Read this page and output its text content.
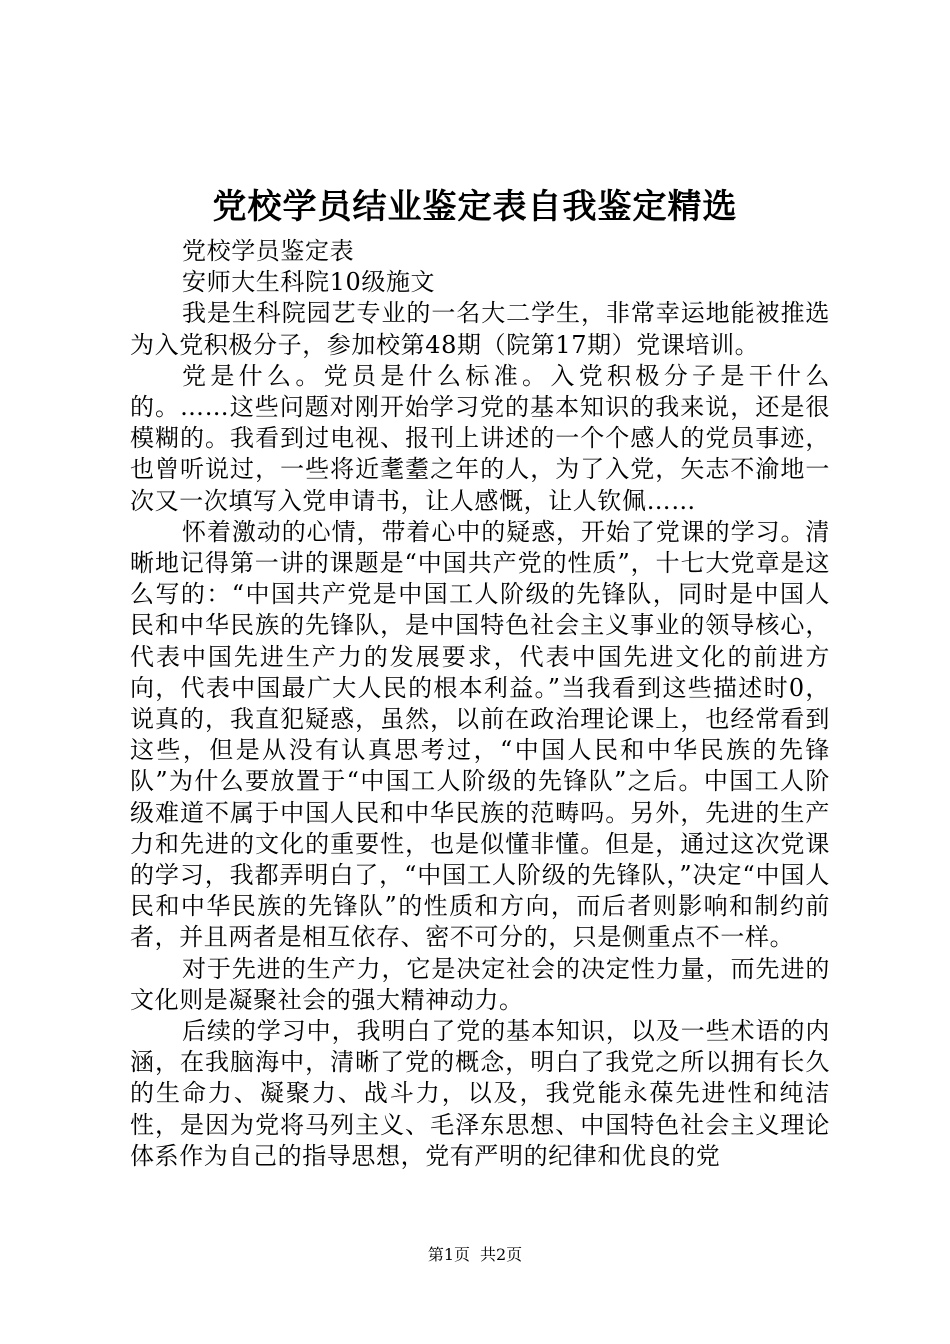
党校学员结业鉴定表自我鉴定精选

党校学员鉴定表

安师大生科院10级施文

我是生科院园艺专业的一名大二学生，非常幸运地能被推选为入党积极分子，参加校第48期（院第17期）党课培训。

党是什么。党员是什么标准。入党积极分子是干什么的。……这些问题对刚开始学习党的基本知识的我来说，还是很模糊的。我看到过电视、报刊上讲述的一个个感人的党员事迹，也曾听说过，一些将近耄耋之年的人，为了入党，矢志不渝地一次又一次填写入党申请书，让人感慨，让人钦佩……

怀着激动的心情，带着心中的疑惑，开始了党课的学习。清晰地记得第一讲的课题是“中国共产党的性质”，十七大党章是这么写的：“中国共产党是中国工人阶级的先锋队，同时是中国人民和中华民族的先锋队，是中国特色社会主义事业的领导核心，代表中国先进生产力的发展要求，代表中国先进文化的前进方向，代表中国最广大人民的根本利益。”当我看到这些描述时0，说真的，我直犯疑惑，虽然，以前在政治理论课上，也经常看到这些，但是从没有认真思考过，“中国人民和中华民族的先锋队”为什么要放置于“中国工人阶级的先锋队”之后。中国工人阶级难道不属于中国人民和中华民族的范畴吗。另外，先进的生产力和先进的文化的重要性，也是似懂非懂。但是，通过这次党课的学习，我都弄明白了，“中国工人阶级的先锋队，”决定“中国人民和中华民族的先锋队”的性质和方向，而后者则影响和制约前者，并且两者是相互依存、密不可分的，只是侧重点不一样。

对于先进的生产力，它是决定社会的决定性力量，而先进的文化则是凝聚社会的强大精神动力。

后续的学习中，我明白了党的基本知识，以及一些术语的内涵，在我脑海中，清晰了党的概念，明白了我党之所以拥有长久的生命力、凝聚力、战斗力，以及，我党能永葆先进性和纯洁性，是因为党将马列主义、毛泽东思想、中国特色社会主义理论体系作为自己的指导思想，党有严明的纪律和优良的党

第1页 共2页
